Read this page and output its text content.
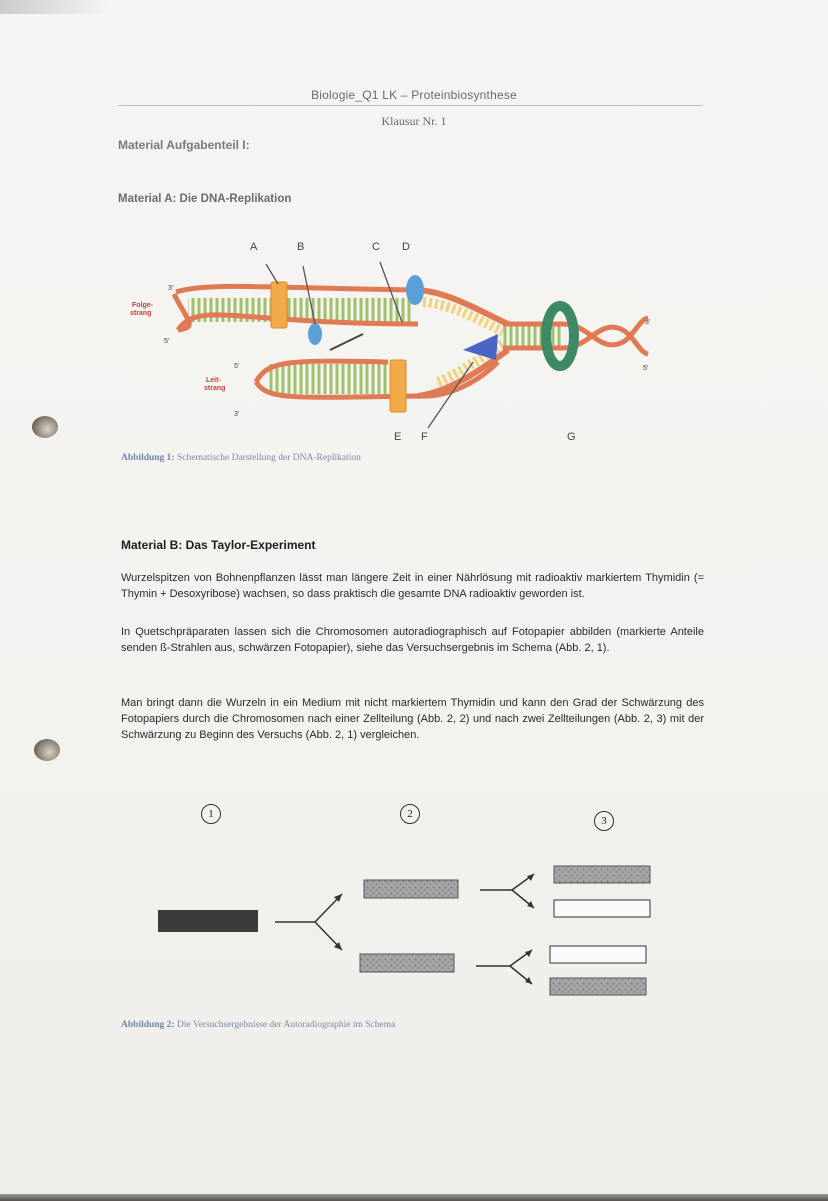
Biologie_Q1 LK – Proteinbiosynthese
Klausur Nr. 1
Material Aufgabenteil I:
Material A: Die DNA-Replikation
A	B	C D
3'
Folge-strang
5'
5'
Leit-strang
3'
3'
5'
E F	G
Abbildung 1: Schematische Darstellung der DNA-Replikation
Material B: Das Taylor-Experiment
Wurzelspitzen von Bohnenpflanzen lässt man längere Zeit in einer Nährlösung mit radioaktiv markiertem Thymidin (= Thymin + Desoxyribose) wachsen, so dass praktisch die gesamte DNA radioaktiv geworden ist.
In Quetschpräparaten lassen sich die Chromosomen autoradiographisch auf Fotopapier abbilden (markierte Anteile senden ß-Strahlen aus, schwärzen Fotopapier), siehe das Versuchsergebnis im Schema (Abb. 2, 1).
Man bringt dann die Wurzeln in ein Medium mit nicht markiertem Thymidin und kann den Grad der Schwärzung des Fotopapiers durch die Chromosomen nach einer Zellteilung (Abb. 2, 2) und nach zwei Zellteilungen (Abb. 2, 3) mit der Schwärzung zu Beginn des Versuchs (Abb. 2, 1) vergleichen.
1	2
3
Abbildung 2: Die Versuchsergebnisse der Autoradiographie im Schema
